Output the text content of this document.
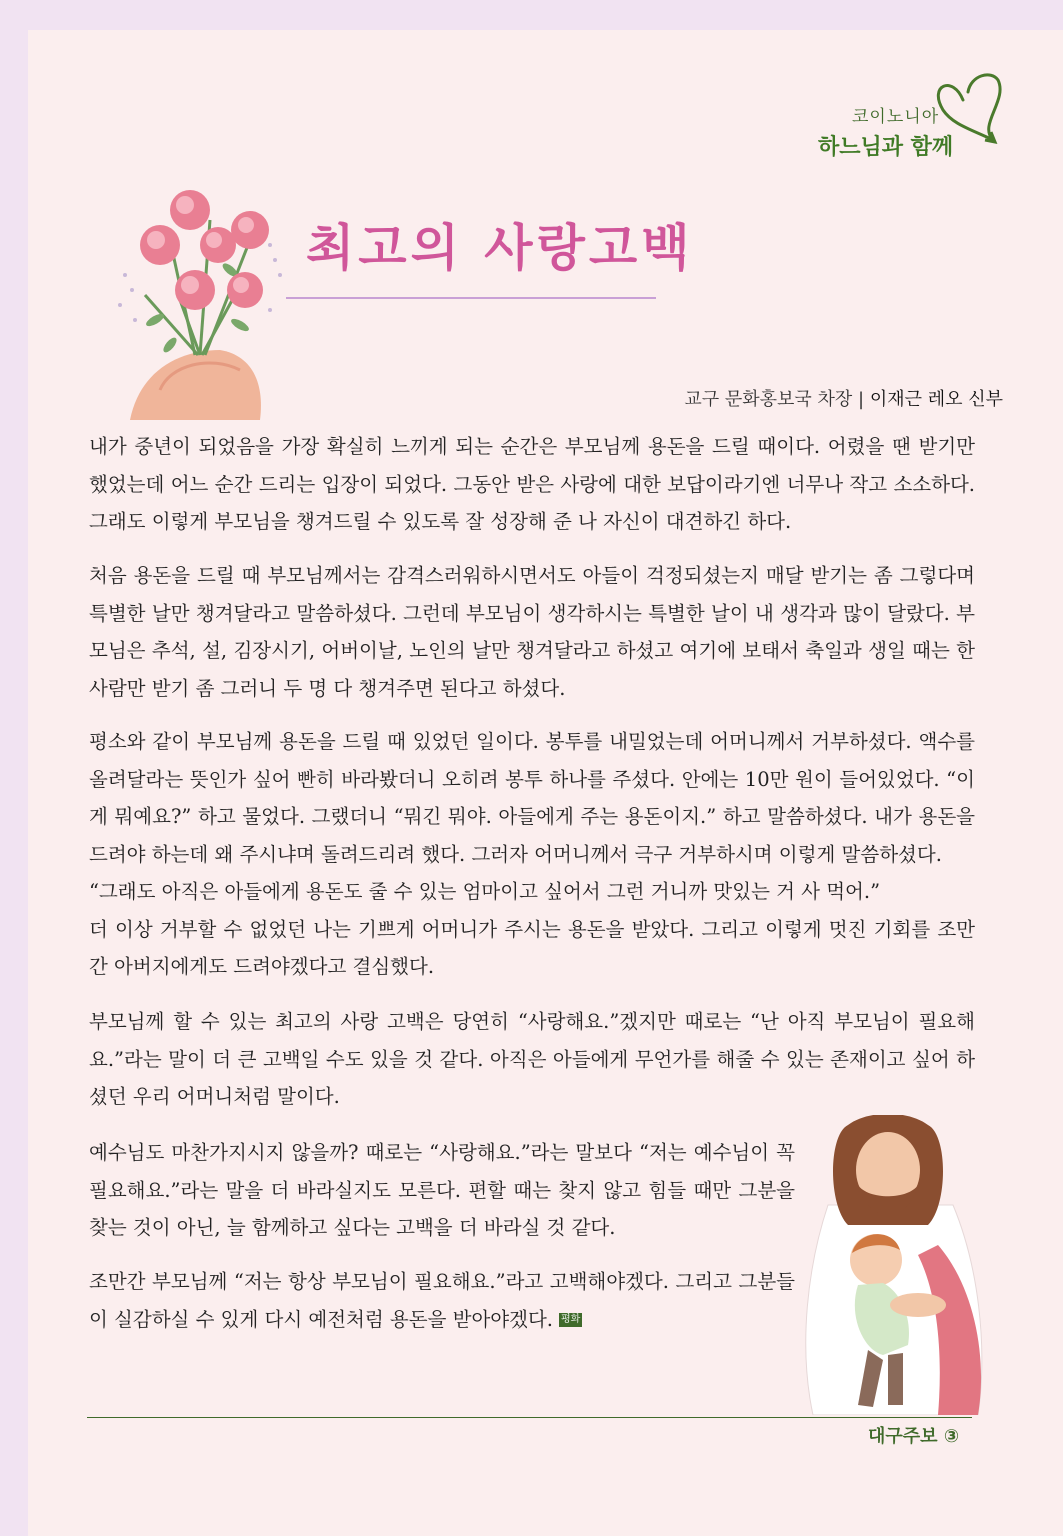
코이노니아
하느님과 함께
최고의 사랑고백
교구 문화홍보국 차장 | 이재근 레오 신부

내가 중년이 되었음을 가장 확실히 느끼게 되는 순간은 부모님께 용돈을 드릴 때이다. 어렸을 땐 받기만 했었는데 어느 순간 드리는 입장이 되었다. 그동안 받은 사랑에 대한 보답이라기엔 너무나 작고 소소하다. 그래도 이렇게 부모님을 챙겨드릴 수 있도록 잘 성장해 준 나 자신이 대견하긴 하다.

처음 용돈을 드릴 때 부모님께서는 감격스러워하시면서도 아들이 걱정되셨는지 매달 받기는 좀 그렇다며 특별한 날만 챙겨달라고 말씀하셨다. 그런데 부모님이 생각하시는 특별한 날이 내 생각과 많이 달랐다. 부모님은 추석, 설, 김장시기, 어버이날, 노인의 날만 챙겨달라고 하셨고 여기에 보태서 축일과 생일 때는 한 사람만 받기 좀 그러니 두 명 다 챙겨주면 된다고 하셨다.

평소와 같이 부모님께 용돈을 드릴 때 있었던 일이다. 봉투를 내밀었는데 어머니께서 거부하셨다. 액수를 올려달라는 뜻인가 싶어 빤히 바라봤더니 오히려 봉투 하나를 주셨다. 안에는 10만 원이 들어있었다. “이게 뭐예요?” 하고 물었다. 그랬더니 “뭐긴 뭐야. 아들에게 주는 용돈이지.” 하고 말씀하셨다. 내가 용돈을 드려야 하는데 왜 주시냐며 돌려드리려 했다. 그러자 어머니께서 극구 거부하시며 이렇게 말씀하셨다.

“그래도 아직은 아들에게 용돈도 줄 수 있는 엄마이고 싶어서 그런 거니까 맛있는 거 사 먹어.”

더 이상 거부할 수 없었던 나는 기쁘게 어머니가 주시는 용돈을 받았다. 그리고 이렇게 멋진 기회를 조만간 아버지에게도 드려야겠다고 결심했다.

부모님께 할 수 있는 최고의 사랑 고백은 당연히 “사랑해요.”겠지만 때로는 “난 아직 부모님이 필요해요.”라는 말이 더 큰 고백일 수도 있을 것 같다. 아직은 아들에게 무언가를 해줄 수 있는 존재이고 싶어 하셨던 우리 어머니처럼 말이다.

예수님도 마찬가지시지 않을까? 때로는 “사랑해요.”라는 말보다 “저는 예수님이 꼭 필요해요.”라는 말을 더 바라실지도 모른다. 편할 때는 찾지 않고 힘들 때만 그분을 찾는 것이 아닌, 늘 함께하고 싶다는 고백을 더 바라실 것 같다.

조만간 부모님께 “저는 항상 부모님이 필요해요.”라고 고백해야겠다. 그리고 그분들이 실감하실 수 있게 다시 예전처럼 용돈을 받아야겠다. 평화

대구주보 ③
